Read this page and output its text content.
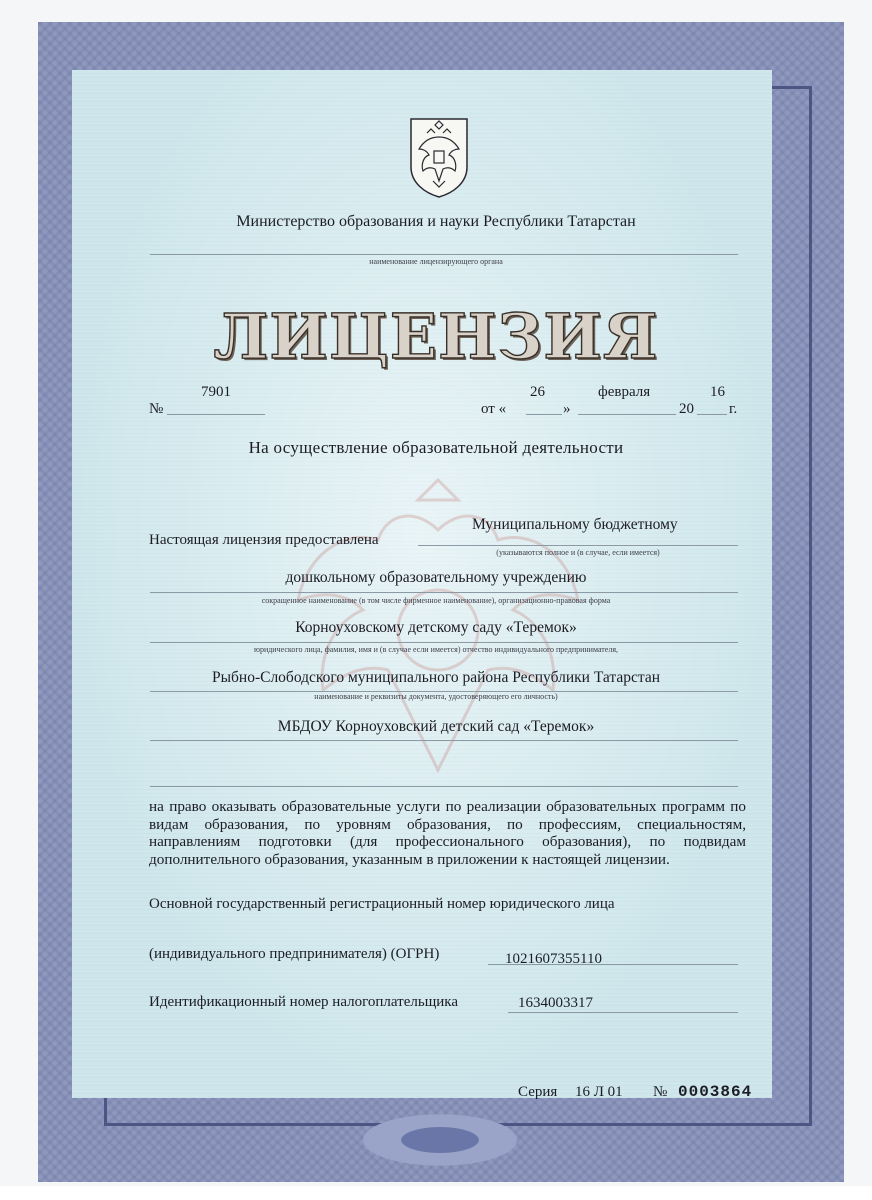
Министерство образования и науки Республики Татарстан
наименование лицензирующего органа
ЛИЦЕНЗИЯ
№
7901
от «
26
»
февраля
20
16
г.
На осуществление образовательной деятельности
Настоящая лицензия предоставлена
Муниципальному бюджетному
(указываются полное и (в случае, если имеется)
дошкольному образовательному учреждению
сокращенное наименование (в том числе фирменное наименование), организационно-правовая форма
Корноуховскому детскому саду «Теремок»
юридического лица, фамилия, имя и (в случае если имеется) отчество индивидуального предпринимателя,
Рыбно-Слободского муниципального района Республики Татарстан
наименование и реквизиты документа, удостоверяющего его личность)
МБДОУ Корноуховский детский сад «Теремок»
на право оказывать образовательные услуги по реализации образовательных программ по видам образования, по уровням образования, по профессиям, специальностям, направлениям подготовки (для профессионального образования), по подвидам дополнительного образования, указанным в приложении к настоящей лицензии.
Основной государственный регистрационный номер юридического лица
(индивидуального предпринимателя) (ОГРН)	1021607355110
Идентификационный номер налогоплательщика	1634003317
Серия 16 Л 01 № 0003864
